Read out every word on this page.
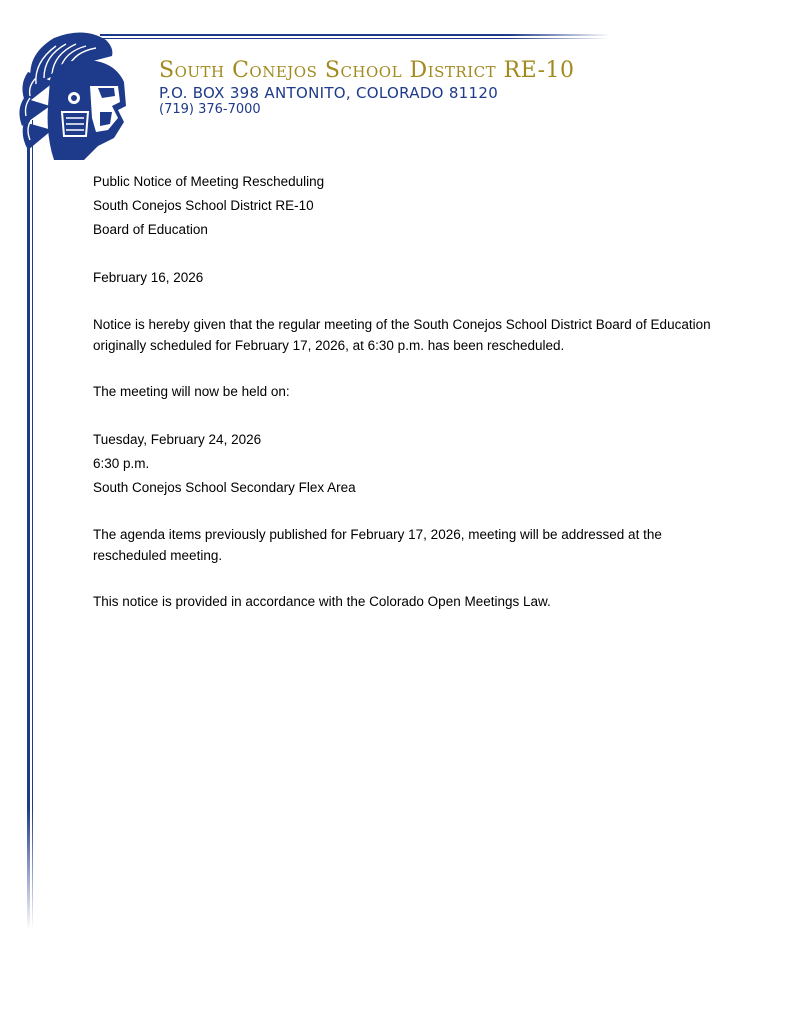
South Conejos School District RE-10
P.O. BOX 398 ANTONITO, COLORADO 81120
(719) 376-7000
Public Notice of Meeting Rescheduling
South Conejos School District RE-10
Board of Education
February 16, 2026
Notice is hereby given that the regular meeting of the South Conejos School District Board of Education originally scheduled for February 17, 2026, at 6:30 p.m. has been rescheduled.
The meeting will now be held on:
Tuesday, February 24, 2026
6:30 p.m.
South Conejos School Secondary Flex Area
The agenda items previously published for February 17, 2026, meeting will be addressed at the rescheduled meeting.
This notice is provided in accordance with the Colorado Open Meetings Law.
